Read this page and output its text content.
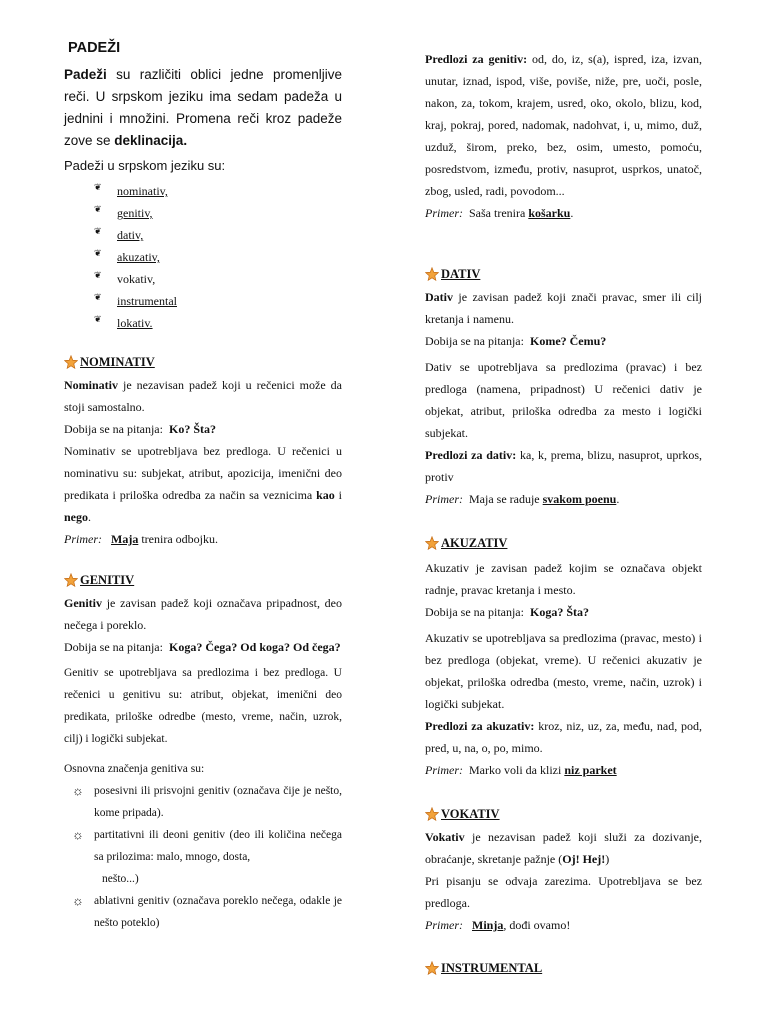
PADEŽI
Padeži su različiti oblici jedne promenljive reči. U srpskom jeziku ima sedam padeža u jednini i množini. Promena reči kroz padeže zove se deklinacija.
Padeži u srpskom jeziku su:
❦	nominativ,
❦	genitiv,
❦	dativ,
❦	akuzativ,
❦	vokativ,
❦	instrumental
❦	lokativ.
NOMINATIV

Nominativ je nezavisan padež koji u rečenici može da stoji samostalno.

Dobija se na pitanja: Ko? Šta?

Nominativ se upotrebljava bez predloga. U rečenici u nominativu su: subjekat, atribut, apozicija, imenični deo predikata i priloška odredba za način sa veznicima kao i nego.

Primer: Maja trenira odbojku.

GENITIV

Genitiv je zavisan padež koji označava pripadnost, deo nečega i poreklo.

Dobija se na pitanja: Koga? Čega? Od koga? Od čega?

Genitiv se upotrebljava sa predlozima i bez predloga. U rečenici u genitivu su: atribut, objekat, imenični deo predikata, priloške odredbe (mesto, vreme, način, uzrok, cilj) i logički subjekat.

Osnovna značenja genitiva su:

☼ posesivni ili prisvojni genitiv (označava čije je nešto, kome pripada).
☼ partitativni ili deoni genitiv (deo ili količina nečega sa prilozima: malo, mnogo, dosta,
nešto...)
☼ ablativni genitiv (označava poreklo nečega, odakle je nešto poteklo)

Predlozi za genitiv: od, do, iz, s(a), ispred, iza, izvan, unutar, iznad, ispod, više, poviše, niže, pre, uoči, posle, nakon, za, tokom, krajem, usred, oko, okolo, blizu, kod, kraj, pokraj, pored, nadomak, nadohvat, i, u, mimo, duž, uzduž, širom, preko, bez, osim, umesto, pomoću, posredstvom, između, protiv, nasuprot, usprkos, unatoč, zbog, usled, radi, povodom...

Primer: Saša trenira košarku.

DATIV

Dativ je zavisan padež koji znači pravac, smer ili cilj kretanja i namenu.

Dobija se na pitanja: Kome? Čemu?

Dativ se upotrebljava sa predlozima (pravac) i bez predloga (namena, pripadnost) U rečenici dativ je objekat, atribut, priloška odredba za mesto i logički subjekat.

Predlozi za dativ: ka, k, prema, blizu, nasuprot, uprkos, protiv

Primer: Maja se raduje svakom poenu.

AKUZATIV

Akuzativ je zavisan padež kojim se označava objekt radnje, pravac kretanja i mesto.

Dobija se na pitanja: Koga? Šta?

Akuzativ se upotrebljava sa predlozima (pravac, mesto) i bez predloga (objekat, vreme). U rečenici akuzativ je objekat, priloška odredba (mesto, vreme, način, uzrok) i logički subjekat.

Predlozi za akuzativ: kroz, niz, uz, za, među, nad, pod, pred, u, na, o, po, mimo.

Primer: Marko voli da klizi niz parket

VOKATIV

Vokativ je nezavisan padež koji služi za dozivanje, obraćanje, skretanje pažnje (Oj! Hej!)

Pri pisanju se odvaja zarezima. Upotrebljava se bez predloga.

Primer: Minja, dođi ovamo!

INSTRUMENTAL
